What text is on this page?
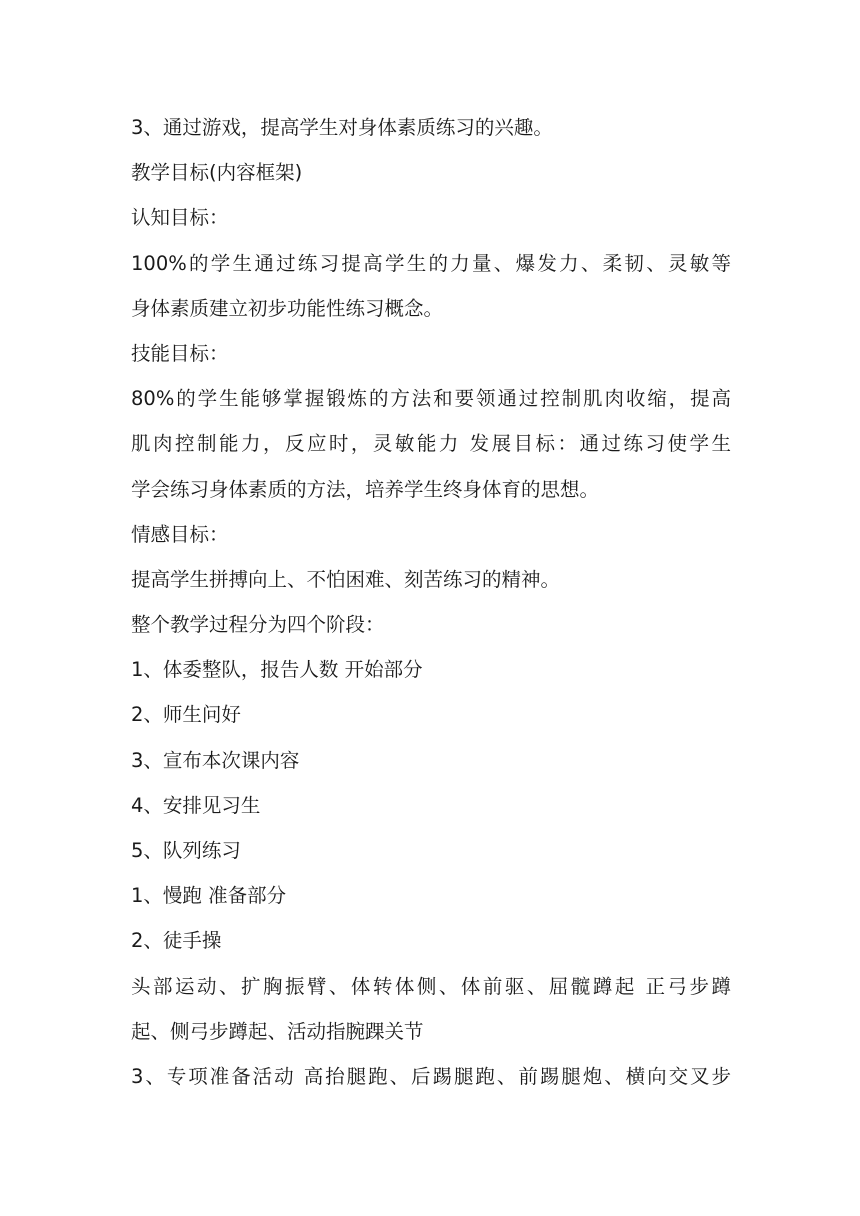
3、通过游戏，提高学生对身体素质练习的兴趣。
教学目标(内容框架)
认知目标：
100%的学生通过练习提高学生的力量、爆发力、柔韧、灵敏等
身体素质建立初步功能性练习概念。
技能目标：
80%的学生能够掌握锻炼的方法和要领通过控制肌肉收缩，提高
肌肉控制能力，反应时，灵敏能力 发展目标：通过练习使学生
学会练习身体素质的方法，培养学生终身体育的思想。
情感目标：
提高学生拼搏向上、不怕困难、刻苦练习的精神。
整个教学过程分为四个阶段：
1、体委整队，报告人数 开始部分
2、师生问好
3、宣布本次课内容
4、安排见习生
5、队列练习
1、慢跑 准备部分
2、徒手操
头部运动、扩胸振臂、体转体侧、体前驱、屈髋蹲起 正弓步蹲
起、侧弓步蹲起、活动指腕踝关节
3、专项准备活动 高抬腿跑、后踢腿跑、前踢腿炮、横向交叉步
